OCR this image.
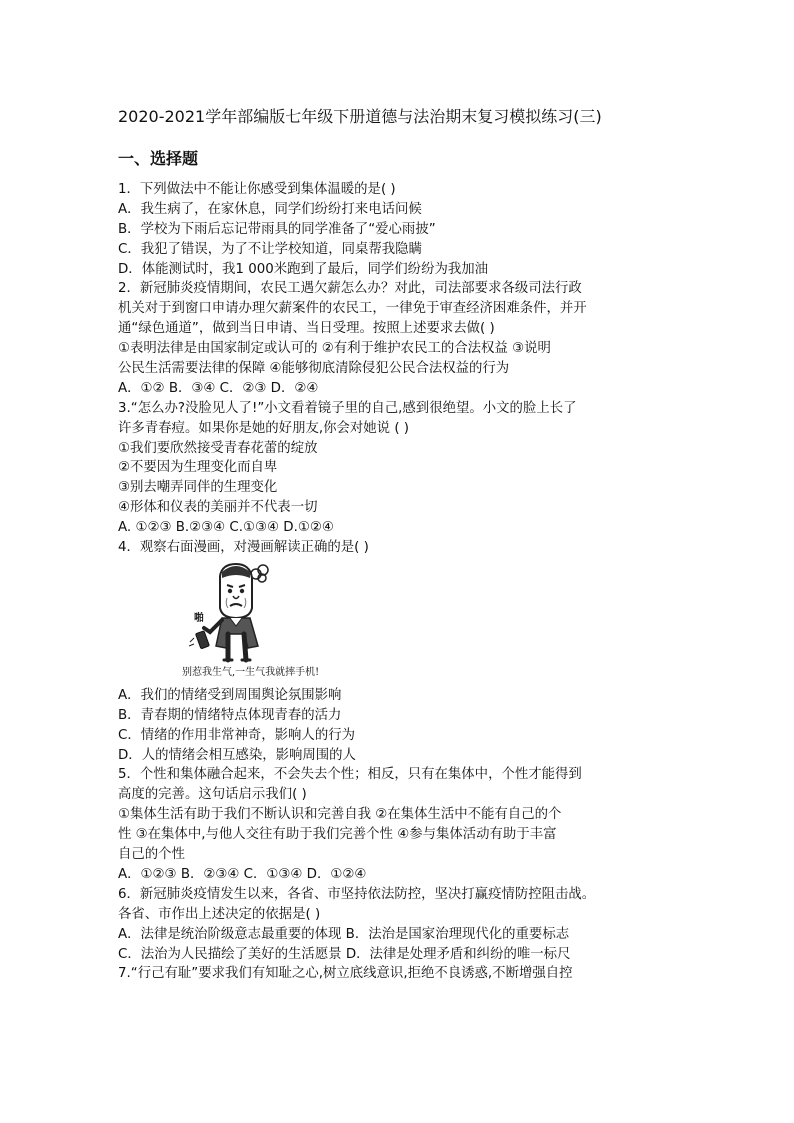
2020-2021学年部编版七年级下册道德与法治期末复习模拟练习(三)
一、选择题
1．下列做法中不能让你感受到集体温暖的是( )
A．我生病了，在家休息，同学们纷纷打来电话问候
B．学校为下雨后忘记带雨具的同学准备了“爱心雨披”
C．我犯了错误，为了不让学校知道，同桌帮我隐瞒
D．体能测试时，我1 000米跑到了最后，同学们纷纷为我加油
2．新冠肺炎疫情期间，农民工遇欠薪怎么办？对此，司法部要求各级司法行政
机关对于到窗口申请办理欠薪案件的农民工，一律免于审查经济困难条件，并开
通“绿色通道”，做到当日申请、当日受理。按照上述要求去做( )
①表明法律是由国家制定或认可的 ②有利于维护农民工的合法权益 ③说明
公民生活需要法律的保障 ④能够彻底清除侵犯公民合法权益的行为
A．①② B．③④ C．②③ D．②④
3.“怎么办?没脸见人了!”小文看着镜子里的自己,感到很绝望。小文的脸上长了
许多青春痘。如果你是她的好朋友,你会对她说 ( )
①我们要欣然接受青春花蕾的绽放
②不要因为生理变化而自卑
③别去嘲弄同伴的生理变化
④形体和仪表的美丽并不代表一切
A. ①②③ B.②③④ C.①③④ D.①②④
4．观察右面漫画，对漫画解读正确的是( )
啪
别惹我生气,一生气我就摔手机!
A．我们的情绪受到周围舆论氛围影响
B．青春期的情绪特点体现青春的活力
C．情绪的作用非常神奇，影响人的行为
D．人的情绪会相互感染，影响周围的人
5．个性和集体融合起来，不会失去个性；相反，只有在集体中，个性才能得到
高度的完善。这句话启示我们( )
①集体生活有助于我们不断认识和完善自我 ②在集体生活中不能有自己的个
性 ③在集体中,与他人交往有助于我们完善个性 ④参与集体活动有助于丰富
自己的个性
A．①②③ B．②③④ C．①③④ D．①②④
6．新冠肺炎疫情发生以来，各省、市坚持依法防控，坚决打赢疫情防控阻击战。
各省、市作出上述决定的依据是( )
A．法律是统治阶级意志最重要的体现 B．法治是国家治理现代化的重要标志
C．法治为人民描绘了美好的生活愿景 D．法律是处理矛盾和纠纷的唯一标尺
7.“行己有耻”要求我们有知耻之心,树立底线意识,拒绝不良诱惑,不断增强自控
